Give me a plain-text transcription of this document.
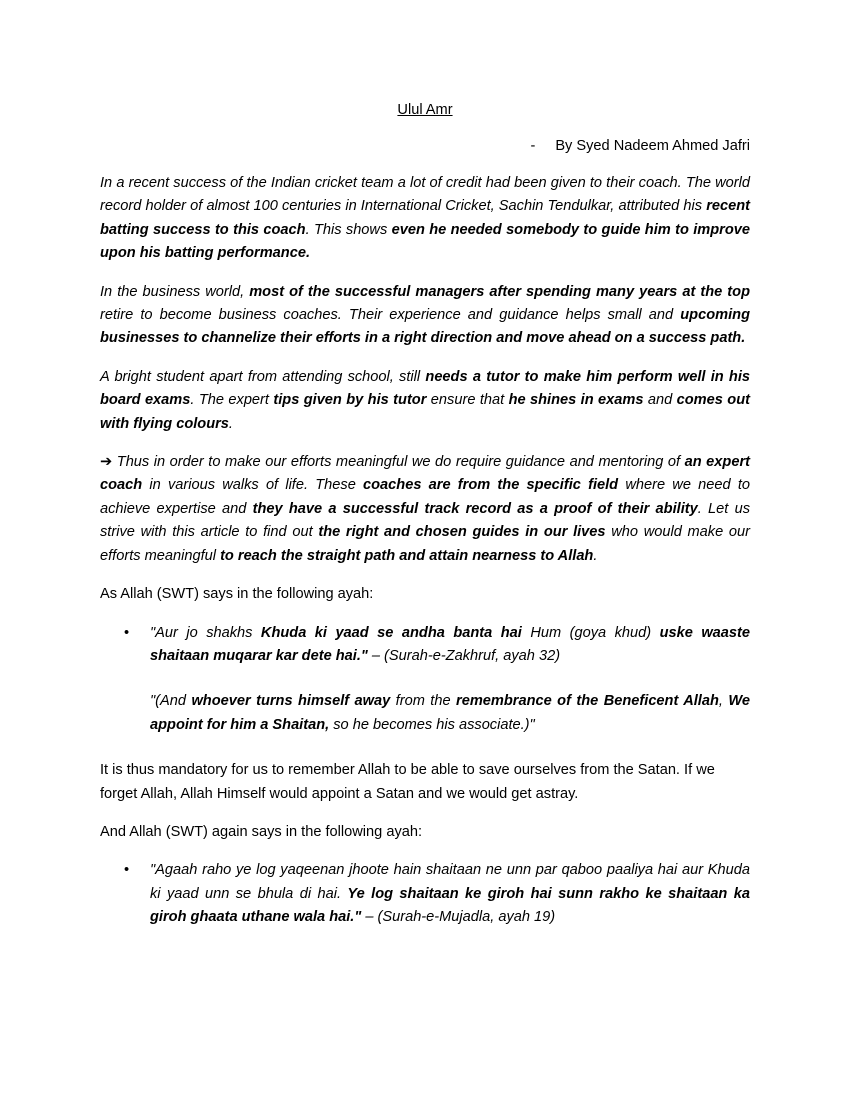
Ulul Amr
- By Syed Nadeem Ahmed Jafri

In a recent success of the Indian cricket team a lot of credit had been given to their coach. The world record holder of almost 100 centuries in International Cricket, Sachin Tendulkar, attributed his recent batting success to this coach. This shows even he needed somebody to guide him to improve upon his batting performance.

In the business world, most of the successful managers after spending many years at the top retire to become business coaches. Their experience and guidance helps small and upcoming businesses to channelize their efforts in a right direction and move ahead on a success path.

A bright student apart from attending school, still needs a tutor to make him perform well in his board exams. The expert tips given by his tutor ensure that he shines in exams and comes out with flying colours.

➔ Thus in order to make our efforts meaningful we do require guidance and mentoring of an expert coach in various walks of life. These coaches are from the specific field where we need to achieve expertise and they have a successful track record as a proof of their ability. Let us strive with this article to find out the right and chosen guides in our lives who would make our efforts meaningful to reach the straight path and attain nearness to Allah.

As Allah (SWT) says in the following ayah:

• "Aur jo shakhs Khuda ki yaad se andha banta hai Hum (goya khud) uske waaste shaitaan muqarar kar dete hai." – (Surah-e-Zakhruf, ayah 32)
"(And whoever turns himself away from the remembrance of the Beneficent Allah, We appoint for him a Shaitan, so he becomes his associate.)"

It is thus mandatory for us to remember Allah to be able to save ourselves from the Satan. If we forget Allah, Allah Himself would appoint a Satan and we would get astray.

And Allah (SWT) again says in the following ayah:

• "Agaah raho ye log yaqeenan jhoote hain shaitaan ne unn par qaboo paaliya hai aur Khuda ki yaad unn se bhula di hai. Ye log shaitaan ke giroh hai sunn rakho ke shaitaan ka giroh ghaata uthane wala hai." – (Surah-e-Mujadla, ayah 19)
